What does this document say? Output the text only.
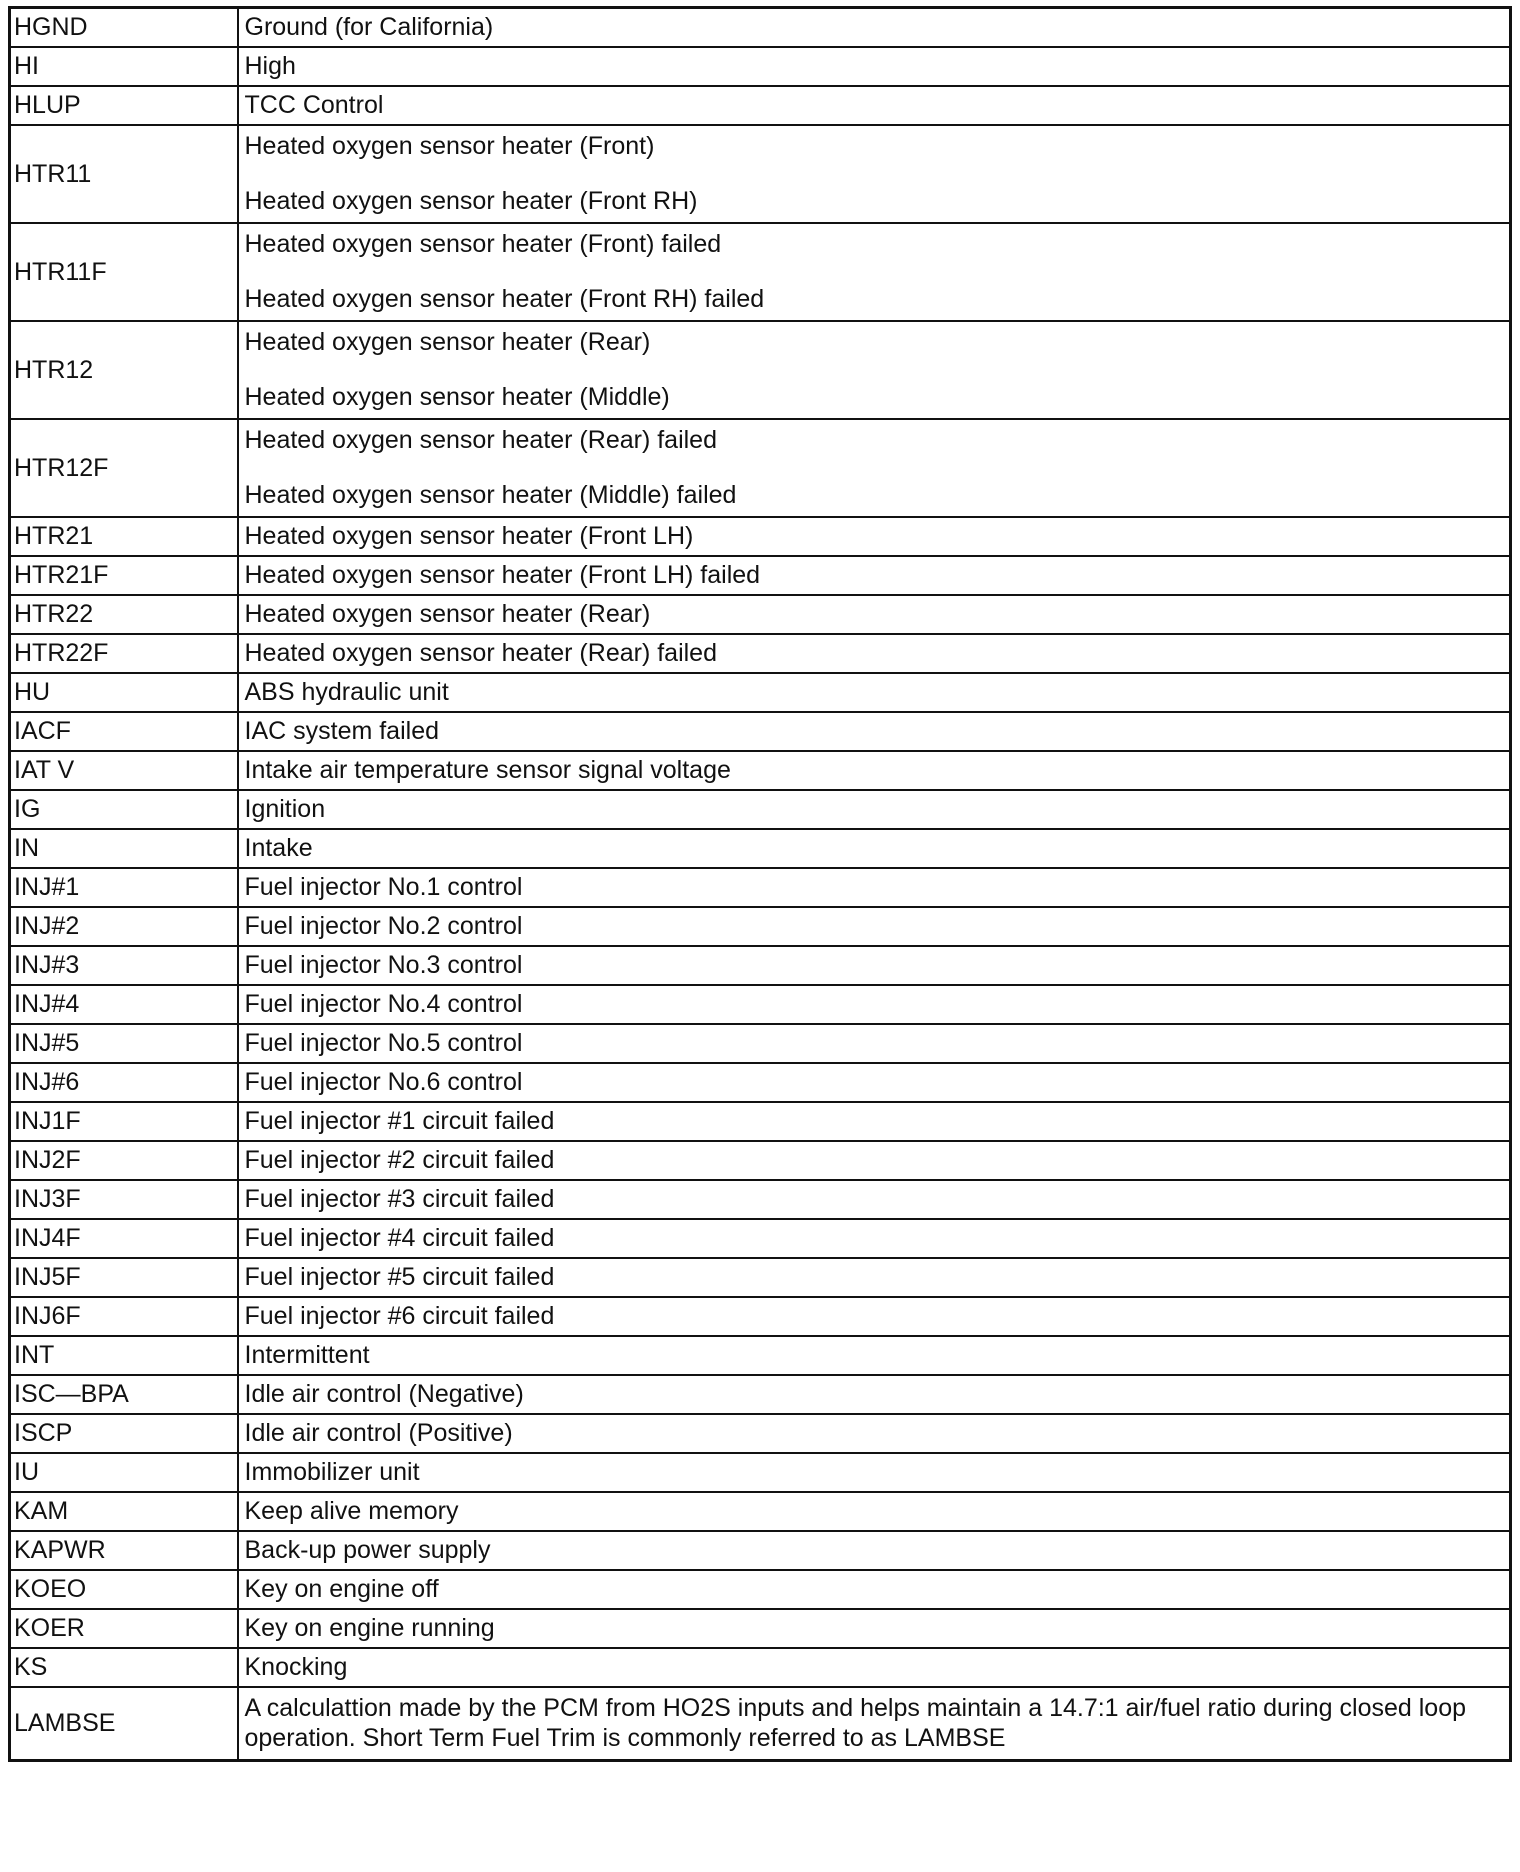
HGND	Ground (for California)
HI	High
HLUP	TCC Control
HTR11	Heated oxygen sensor heater (Front)
Heated oxygen sensor heater (Front RH)

HTR11F	Heated oxygen sensor heater (Front) failed
Heated oxygen sensor heater (Front RH) failed

HTR12	Heated oxygen sensor heater (Rear)
Heated oxygen sensor heater (Middle)

HTR12F	Heated oxygen sensor heater (Rear) failed
Heated oxygen sensor heater (Middle) failed

HTR21	Heated oxygen sensor heater (Front LH)
HTR21F	Heated oxygen sensor heater (Front LH) failed
HTR22	Heated oxygen sensor heater (Rear)
HTR22F	Heated oxygen sensor heater (Rear) failed
HU	ABS hydraulic unit
IACF	IAC system failed
IAT V	Intake air temperature sensor signal voltage
IG	Ignition
IN	Intake
INJ#1	Fuel injector No.1 control
INJ#2	Fuel injector No.2 control
INJ#3	Fuel injector No.3 control
INJ#4	Fuel injector No.4 control
INJ#5	Fuel injector No.5 control
INJ#6	Fuel injector No.6 control
INJ1F	Fuel injector #1 circuit failed
INJ2F	Fuel injector #2 circuit failed
INJ3F	Fuel injector #3 circuit failed
INJ4F	Fuel injector #4 circuit failed
INJ5F	Fuel injector #5 circuit failed
INJ6F	Fuel injector #6 circuit failed
INT	Intermittent
ISC—BPA	Idle air control (Negative)
ISCP	Idle air control (Positive)
IU	Immobilizer unit
KAM	Keep alive memory
KAPWR	Back-up power supply
KOEO	Key on engine off
KOER	Key on engine running
KS	Knocking
LAMBSE	A calculattion made by the PCM from HO2S inputs and helps maintain a 14.7:1 air/fuel ratio during closed loop operation. Short Term Fuel Trim is commonly referred to as LAMBSE
